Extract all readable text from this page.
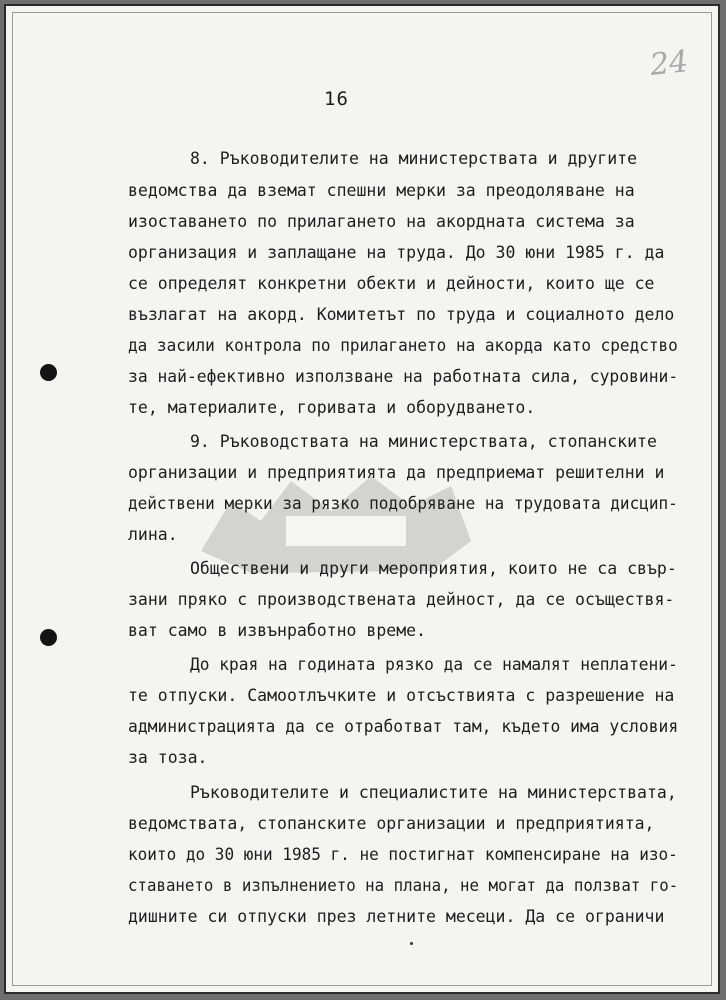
24
16
8. Ръководителите на министерствата и другите
ведомства да вземат спешни мерки за преодоляване на
изоставането по прилагането на акордната система за
организация и заплащане на труда. До 30 юни 1985 г. да
се определят конкретни обекти и дейности, които ще се
възлагат на акорд. Комитетът по труда и социалното дело
да засили контрола по прилагането на акорда като средство
за най-ефективно използване на работната сила, суровини-
те, материалите, горивата и оборудването.
9. Ръководствата на министерствата, стопанските
организации и предприятията да предприемат решителни и
действени мерки за рязко подобряване на трудовата дисцип-
лина.
Обществени и други мероприятия, които не са свър-
зани пряко с производствената дейност, да се осъществя-
ват само в извънработно време.
До края на годината рязко да се намалят неплатени-
те отпуски. Самоотлъчките и отсъствията с разрешение на
администрацията да се отработват там, където има условия
за тоза.
Ръководителите и специалистите на министерствата,
ведомствата, стопанските организации и предприятията,
които до 30 юни 1985 г. не постигнат компенсиране на изо-
ставането в изпълнението на плана, не могат да ползват го-
дишните си отпуски през летните месеци. Да се ограничи
